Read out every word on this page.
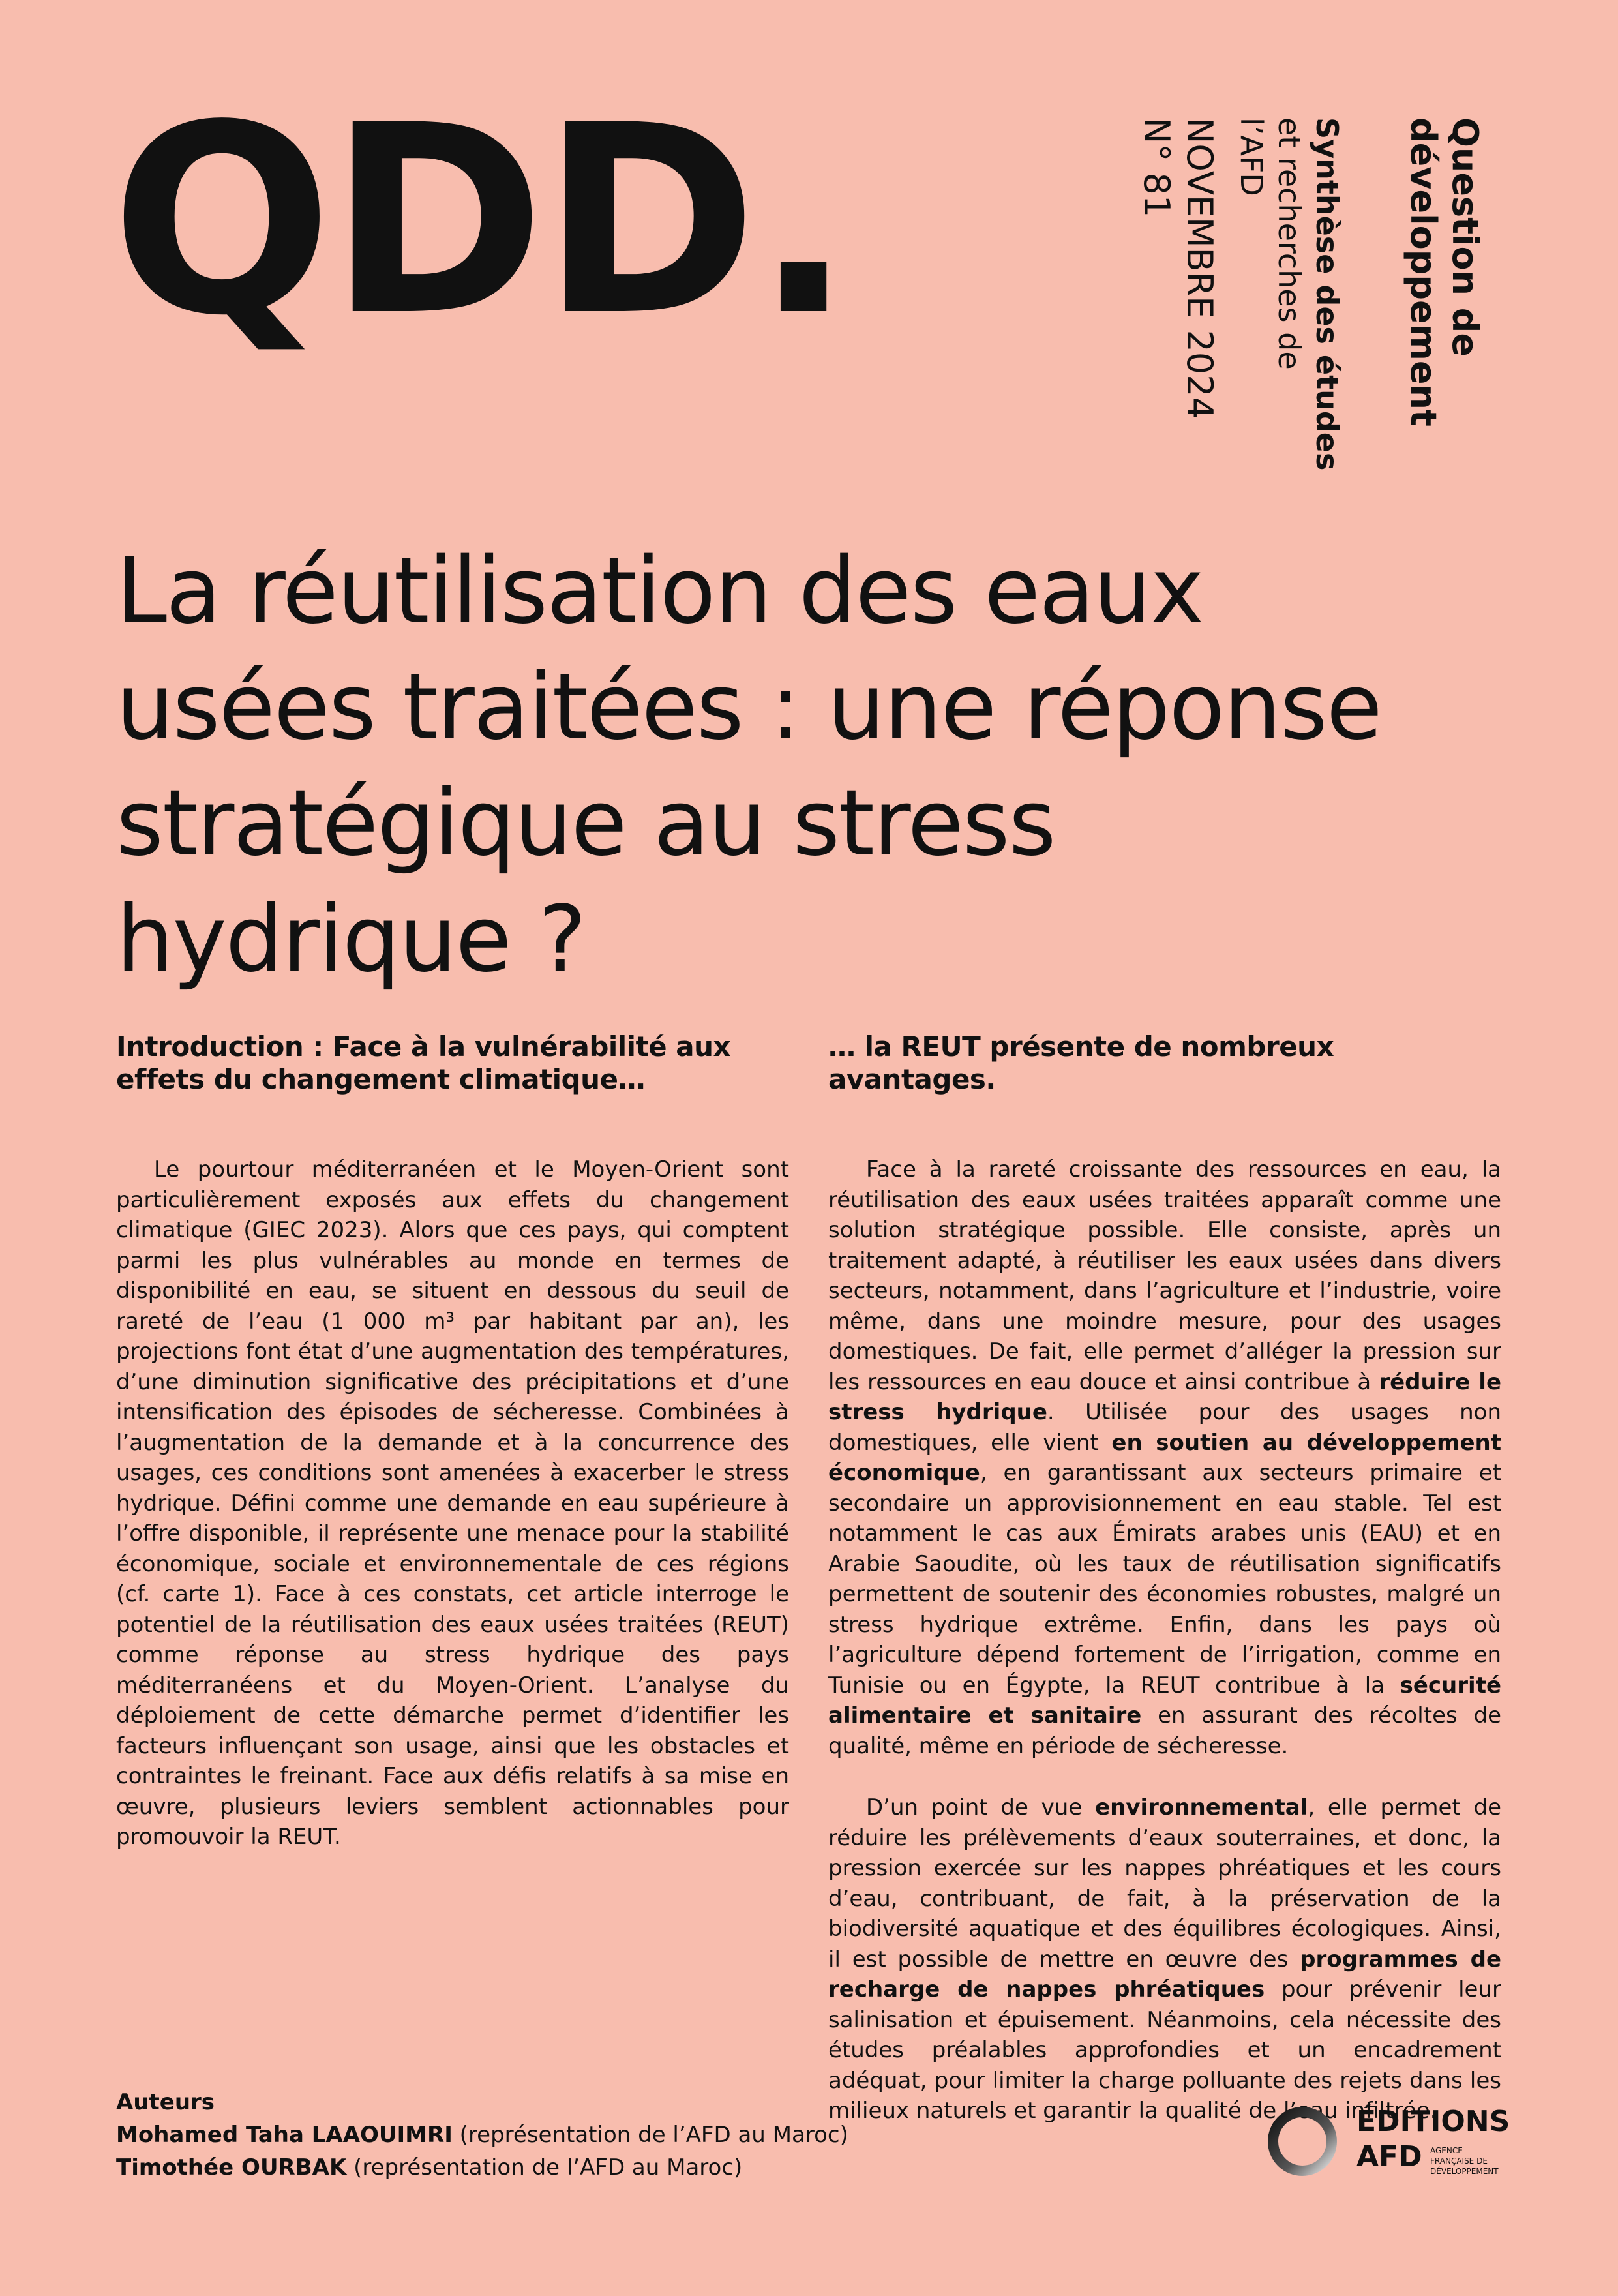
QDD.	Question de
développement
Synthèse des études
et recherches de
l’AFD
NOVEMBRE 2024
N° 81
La réutilisation des eaux
usées traitées : une réponse
stratégique au stress
hydrique ?
Introduction : Face à la vulnérabilité aux effets du changement climatique…

Le pourtour méditerranéen et le Moyen-Orient sont particulièrement exposés aux effets du changement climatique (GIEC 2023). Alors que ces pays, qui comptent parmi les plus vulnérables au monde en termes de disponibilité en eau, se situent en dessous du seuil de rareté de l’eau (1 000 m³ par habitant par an), les projections font état d’une augmentation des températures, d’une diminution significative des précipitations et d’une intensification des épisodes de sécheresse. Combinées à l’augmentation de la demande et à la concurrence des usages, ces conditions sont amenées à exacerber le stress hydrique. Défini comme une demande en eau supérieure à l’offre disponible, il représente une menace pour la stabilité économique, sociale et environnementale de ces régions (cf. carte 1). Face à ces constats, cet article interroge le potentiel de la réutilisation des eaux usées traitées (REUT) comme réponse au stress hydrique des pays méditerranéens et du Moyen-Orient. L’analyse du déploiement de cette démarche permet d’identifier les facteurs influençant son usage, ainsi que les obstacles et contraintes le freinant. Face aux défis relatifs à sa mise en œuvre, plusieurs leviers semblent actionnables pour promouvoir la REUT.

… la REUT présente de nombreux avantages.

Face à la rareté croissante des ressources en eau, la réutilisation des eaux usées traitées apparaît comme une solution stratégique possible. Elle consiste, après un traitement adapté, à réutiliser les eaux usées dans divers secteurs, notamment, dans l’agriculture et l’industrie, voire même, dans une moindre mesure, pour des usages domestiques. De fait, elle permet d’alléger la pression sur les ressources en eau douce et ainsi contribue à réduire le stress hydrique. Utilisée pour des usages non domestiques, elle vient en soutien au développement économique, en garantissant aux secteurs primaire et secondaire un approvisionnement en eau stable. Tel est notamment le cas aux Émirats arabes unis (EAU) et en Arabie Saoudite, où les taux de réutilisation significatifs permettent de soutenir des économies robustes, malgré un stress hydrique extrême. Enfin, dans les pays où l’agriculture dépend fortement de l’irrigation, comme en Tunisie ou en Égypte, la REUT contribue à la sécurité alimentaire et sanitaire en assurant des récoltes de qualité, même en période de sécheresse.

D’un point de vue environnemental, elle permet de réduire les prélèvements d’eaux souterraines, et donc, la pression exercée sur les nappes phréatiques et les cours d’eau, contribuant, de fait, à la préservation de la biodiversité aquatique et des équilibres écologiques. Ainsi, il est possible de mettre en œuvre des programmes de recharge de nappes phréatiques pour prévenir leur salinisation et épuisement. Néanmoins, cela nécessite des études préalables approfondies et un encadrement adéquat, pour limiter la charge polluante des rejets dans les milieux naturels et garantir la qualité de l’eau infiltrée.

Auteurs
Mohamed Taha LAAOUIMRI (représentation de l’AFD au Maroc)
Timothée OURBAK (représentation de l’AFD au Maroc)
ÉDITIONS
AFD AGENCE FRANÇAISE DE DÉVELOPPEMENT
